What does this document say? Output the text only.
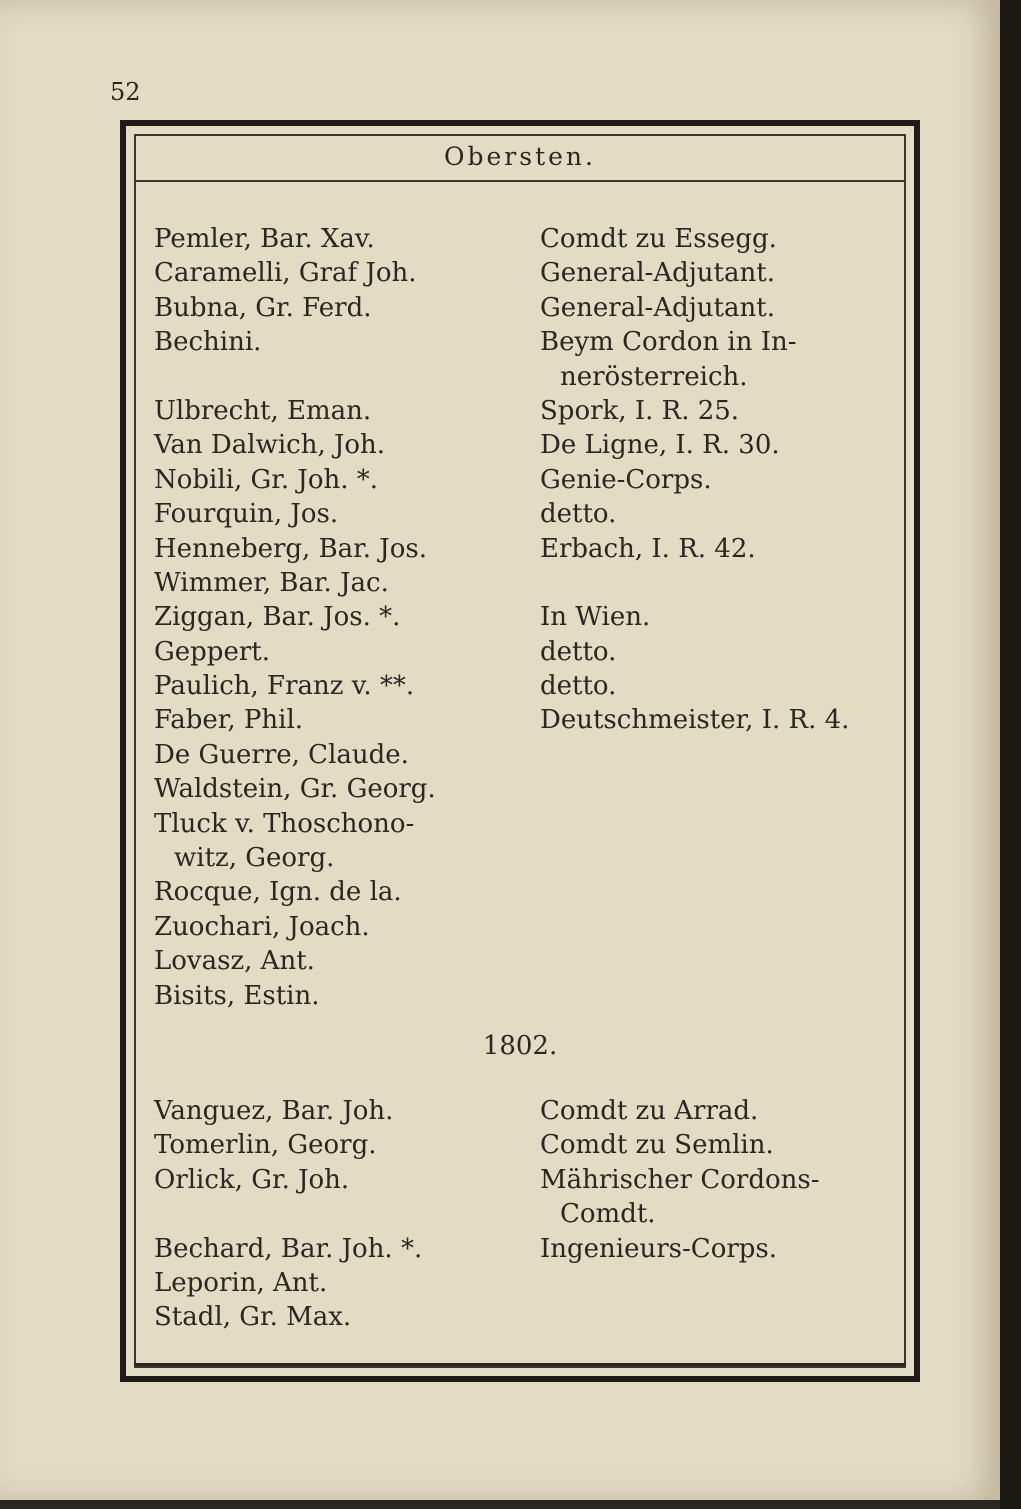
52
Obersten.
Pemler, Bar. Xav.	Comdt zu Essegg.
Caramelli, Graf Joh.	General-Adjutant.
Bubna, Gr. Ferd.	General-Adjutant.
Bechini.	Beym Cordon in In-
nerösterreich.
Ulbrecht, Eman.	Spork, I. R. 25.
Van Dalwich, Joh.	De Ligne, I. R. 30.
Nobili, Gr. Joh. *.	Genie-Corps.
Fourquin, Jos.	detto.
Henneberg, Bar. Jos.	Erbach, I. R. 42.
Wimmer, Bar. Jac.
Ziggan, Bar. Jos. *.	In Wien.
Geppert.	detto.
Paulich, Franz v. **.	detto.
Faber, Phil.	Deutschmeister, I. R. 4.
De Guerre, Claude.
Waldstein, Gr. Georg.
Tluck v. Thoschono-
witz, Georg.
Rocque, Ign. de la.
Zuochari, Joach.
Lovasz, Ant.
Bisits, Estin.
1802.
Vanguez, Bar. Joh.	Comdt zu Arrad.
Tomerlin, Georg.	Comdt zu Semlin.
Orlick, Gr. Joh.	Mährischer Cordons-
Comdt.
Bechard, Bar. Joh. *.	Ingenieurs-Corps.
Leporin, Ant.
Stadl, Gr. Max.
